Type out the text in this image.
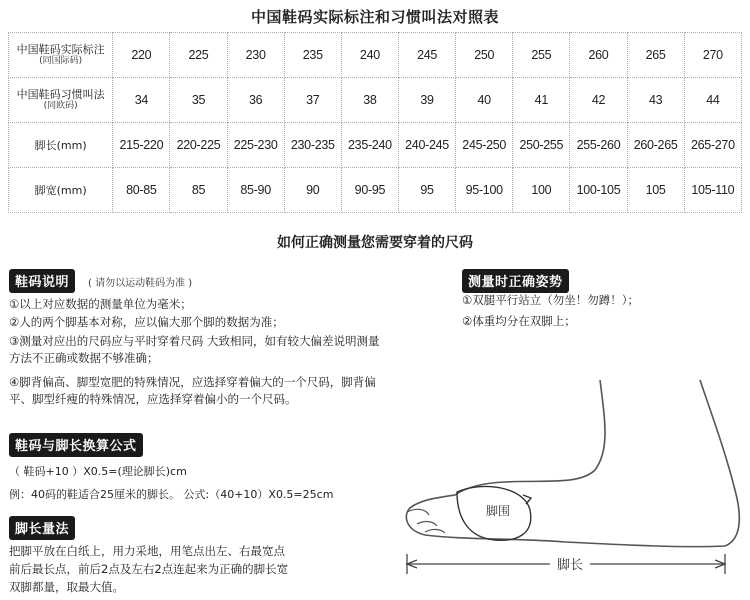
中国鞋码实际标注和习惯叫法对照表
中国鞋码实际标注
(同国际码)	220	225	230	235	240	245	250	255	260	265	270
中国鞋码习惯叫法
(同欧码)	34	35	36	37	38	39	40	41	42	43	44
脚长(mm)	215-220	220-225	225-230	230-235	235-240	240-245	245-250	250-255	255-260	260-265	265-270
脚宽(mm)	80-85	85	85-90	90	90-95	95	95-100	100	100-105	105	105-110
如何正确测量您需要穿着的尺码
鞋码说明	( 请勿以运动鞋码为准 )
①以上对应数据的测量单位为毫米；
②人的两个脚基本对称，应以偏大那个脚的数据为准；
③测量对应出的尺码应与平时穿着尺码 大致相同，如有较大偏差说明测量方法不正确或数据不够准确；
④脚背偏高、脚型宽肥的特殊情况，应选择穿着偏大的一个尺码，脚背偏平、脚型纤瘦的特殊情况，应选择穿着偏小的一个尺码。
鞋码与脚长换算公式
（ 鞋码+10 ）X0.5=(理论脚长)cm
例：40码的鞋适合25厘米的脚长。 公式:（40+10）X0.5=25cm
脚长量法
把脚平放在白纸上，用力采地，用笔点出左、右最宽点前后最长点，前后2点及左右2点连起来为正确的脚长宽双脚都量，取最大值。
测量时正确姿势
①双腿平行站立（勿坐！勿蹲！）；
②体重均分在双脚上；
脚长
脚围
